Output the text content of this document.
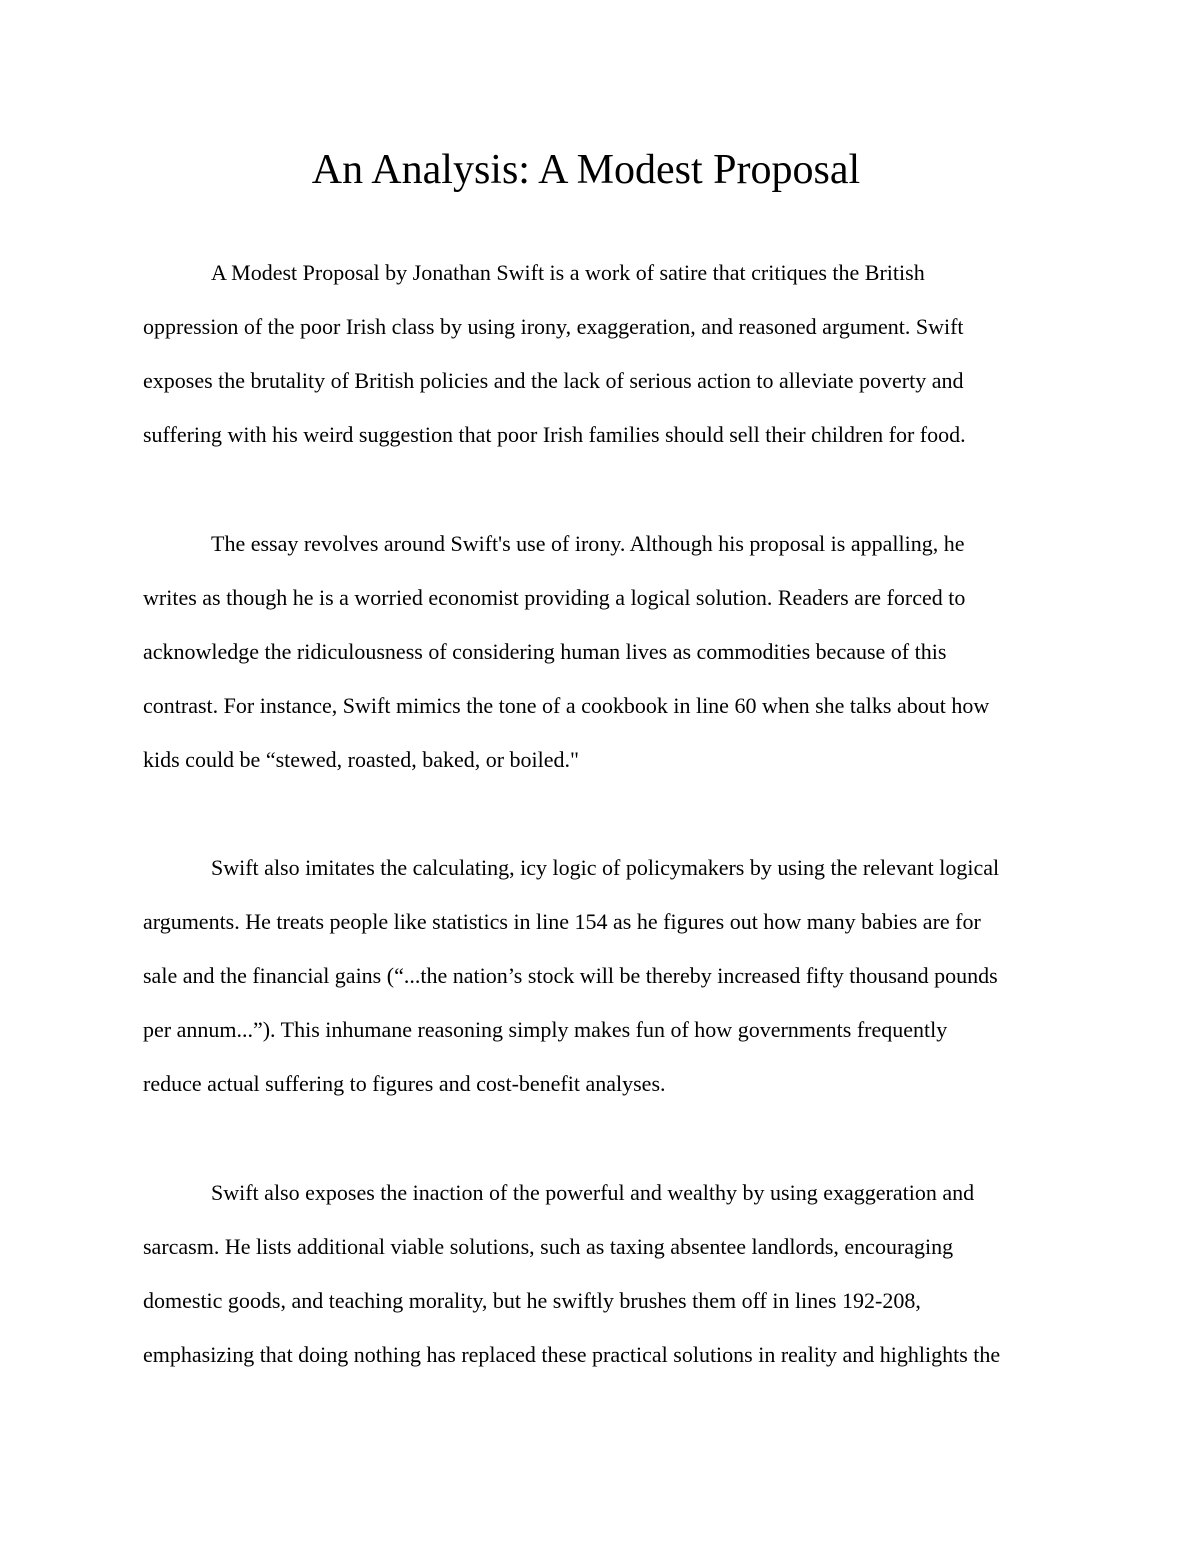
An Analysis: A Modest Proposal
A Modest Proposal by Jonathan Swift is a work of satire that critiques the British
oppression of the poor Irish class by using irony, exaggeration, and reasoned argument. Swift
exposes the brutality of British policies and the lack of serious action to alleviate poverty and
suffering with his weird suggestion that poor Irish families should sell their children for food.
The essay revolves around Swift's use of irony. Although his proposal is appalling, he
writes as though he is a worried economist providing a logical solution. Readers are forced to
acknowledge the ridiculousness of considering human lives as commodities because of this
contrast. For instance, Swift mimics the tone of a cookbook in line 60 when she talks about how
kids could be “stewed, roasted, baked, or boiled."
Swift also imitates the calculating, icy logic of policymakers by using the relevant logical
arguments. He treats people like statistics in line 154 as he figures out how many babies are for
sale and the financial gains (“...the nation’s stock will be thereby increased fifty thousand pounds
per annum...”). This inhumane reasoning simply makes fun of how governments frequently
reduce actual suffering to figures and cost-benefit analyses.
Swift also exposes the inaction of the powerful and wealthy by using exaggeration and
sarcasm. He lists additional viable solutions, such as taxing absentee landlords, encouraging
domestic goods, and teaching morality, but he swiftly brushes them off in lines 192-208,
emphasizing that doing nothing has replaced these practical solutions in reality and highlights the
